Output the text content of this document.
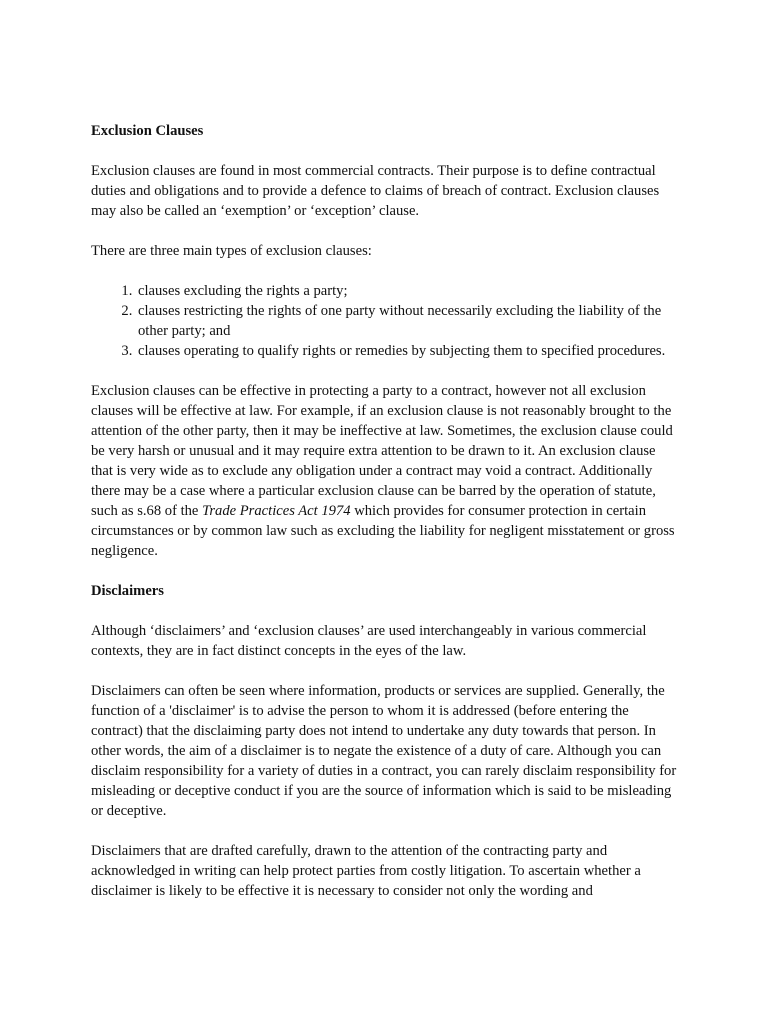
Exclusion Clauses

Exclusion clauses are found in most commercial contracts. Their purpose is to define contractual duties and obligations and to provide a defence to claims of breach of contract. Exclusion clauses may also be called an ‘exemption’ or ‘exception’ clause.

There are three main types of exclusion clauses:

1. clauses excluding the rights a party;
2. clauses restricting the rights of one party without necessarily excluding the liability of the other party; and
3. clauses operating to qualify rights or remedies by subjecting them to specified procedures.

Exclusion clauses can be effective in protecting a party to a contract, however not all exclusion clauses will be effective at law. For example, if an exclusion clause is not reasonably brought to the attention of the other party, then it may be ineffective at law. Sometimes, the exclusion clause could be very harsh or unusual and it may require extra attention to be drawn to it. An exclusion clause that is very wide as to exclude any obligation under a contract may void a contract. Additionally there may be a case where a particular exclusion clause can be barred by the operation of statute, such as s.68 of the Trade Practices Act 1974 which provides for consumer protection in certain circumstances or by common law such as excluding the liability for negligent misstatement or gross negligence.

Disclaimers

Although ‘disclaimers’ and ‘exclusion clauses’ are used interchangeably in various commercial contexts, they are in fact distinct concepts in the eyes of the law.

Disclaimers can often be seen where information, products or services are supplied. Generally, the function of a 'disclaimer' is to advise the person to whom it is addressed (before entering the contract) that the disclaiming party does not intend to undertake any duty towards that person. In other words, the aim of a disclaimer is to negate the existence of a duty of care. Although you can disclaim responsibility for a variety of duties in a contract, you can rarely disclaim responsibility for misleading or deceptive conduct if you are the source of information which is said to be misleading or deceptive.

Disclaimers that are drafted carefully, drawn to the attention of the contracting party and acknowledged in writing can help protect parties from costly litigation. To ascertain whether a disclaimer is likely to be effective it is necessary to consider not only the wording and
